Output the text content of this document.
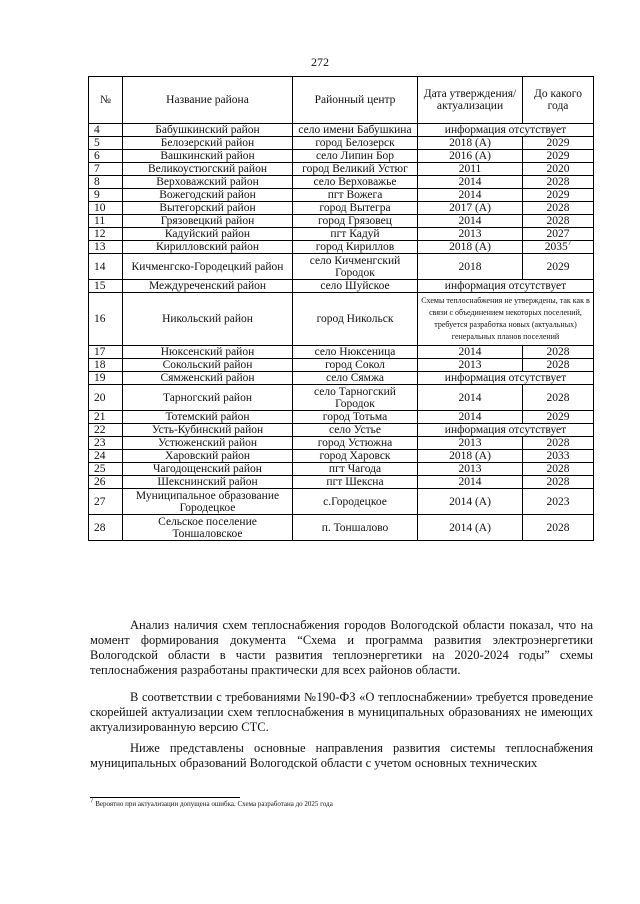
272
№	Название района	Районный центр	Дата утверждения/ актуализации	До какого года
4	Бабушкинский район	село имени Бабушкина	информация отсутствует	
5	Белозерский район	город Белозерск	2018 (А)	2029
6	Вашкинский район	село Липин Бор	2016 (А)	2029
7	Великоустюгский район	город Великий Устюг	2011	2020
8	Верховажский район	село Верховажье	2014	2028
9	Вожегодский район	пгт Вожега	2014	2029
10	Вытегорский район	город Вытегра	2017 (А)	2028
11	Грязовецкий район	город Грязовец	2014	2028
12	Кадуйский район	пгт Кадуй	2013	2027
13	Кирилловский район	город Кириллов	2018 (А)	2035$^7$
14	Кичменгско-Городецкий район	село Кичменгский Городок	2018	2029
15	Междуреченский район	село Шуйское	информация отсутствует	
16	Никольский район	город Никольск	Схемы теплоснабжения не утверждены, так как в связи с объединением некоторых поселений, требуется разработка новых (актуальных) генеральных планов поселений	
17	Нюксенский район	село Нюксеница	2014	2028
18	Сокольский район	город Сокол	2013	2028
19	Сямженский район	село Сямжа	информация отсутствует	
20	Тарногский район	село Тарногский Городок	2014	2028
21	Тотемский район	город Тотьма	2014	2029
22	Усть-Кубинский район	село Устье	информация отсутствует	
23	Устюженский район	город Устюжна	2013	2028
24	Харовский район	город Харовск	2018 (А)	2033
25	Чагодощенский район	пгт Чагода	2013	2028
26	Шекснинский район	пгт Шексна	2014	2028
27	Муниципальное образование Городецкое	с.Городецкое	2014 (А)	2023
28	Сельское поселение Тоншаловское	п. Тоншалово	2014 (А)	2028

Анализ наличия схем теплоснабжения городов Вологодской области показал, что на момент формирования документа “Схема и программа развития электроэнергетики Вологодской области в части развития теплоэнергетики на 2020-2024 годы” схемы теплоснабжения разработаны практически для всех районов области.

В соответствии с требованиями №190-ФЗ «О теплоснабжении» требуется проведение скорейшей актуализации схем теплоснабжения в муниципальных образованиях не имеющих актуализированную версию СТС.

Ниже представлены основные направления развития системы теплоснабжения муниципальных образований Вологодской области с учетом основных технических

$^7$ Вероятно при актуализации допущена ошибка. Схема разработана до 2025 года
